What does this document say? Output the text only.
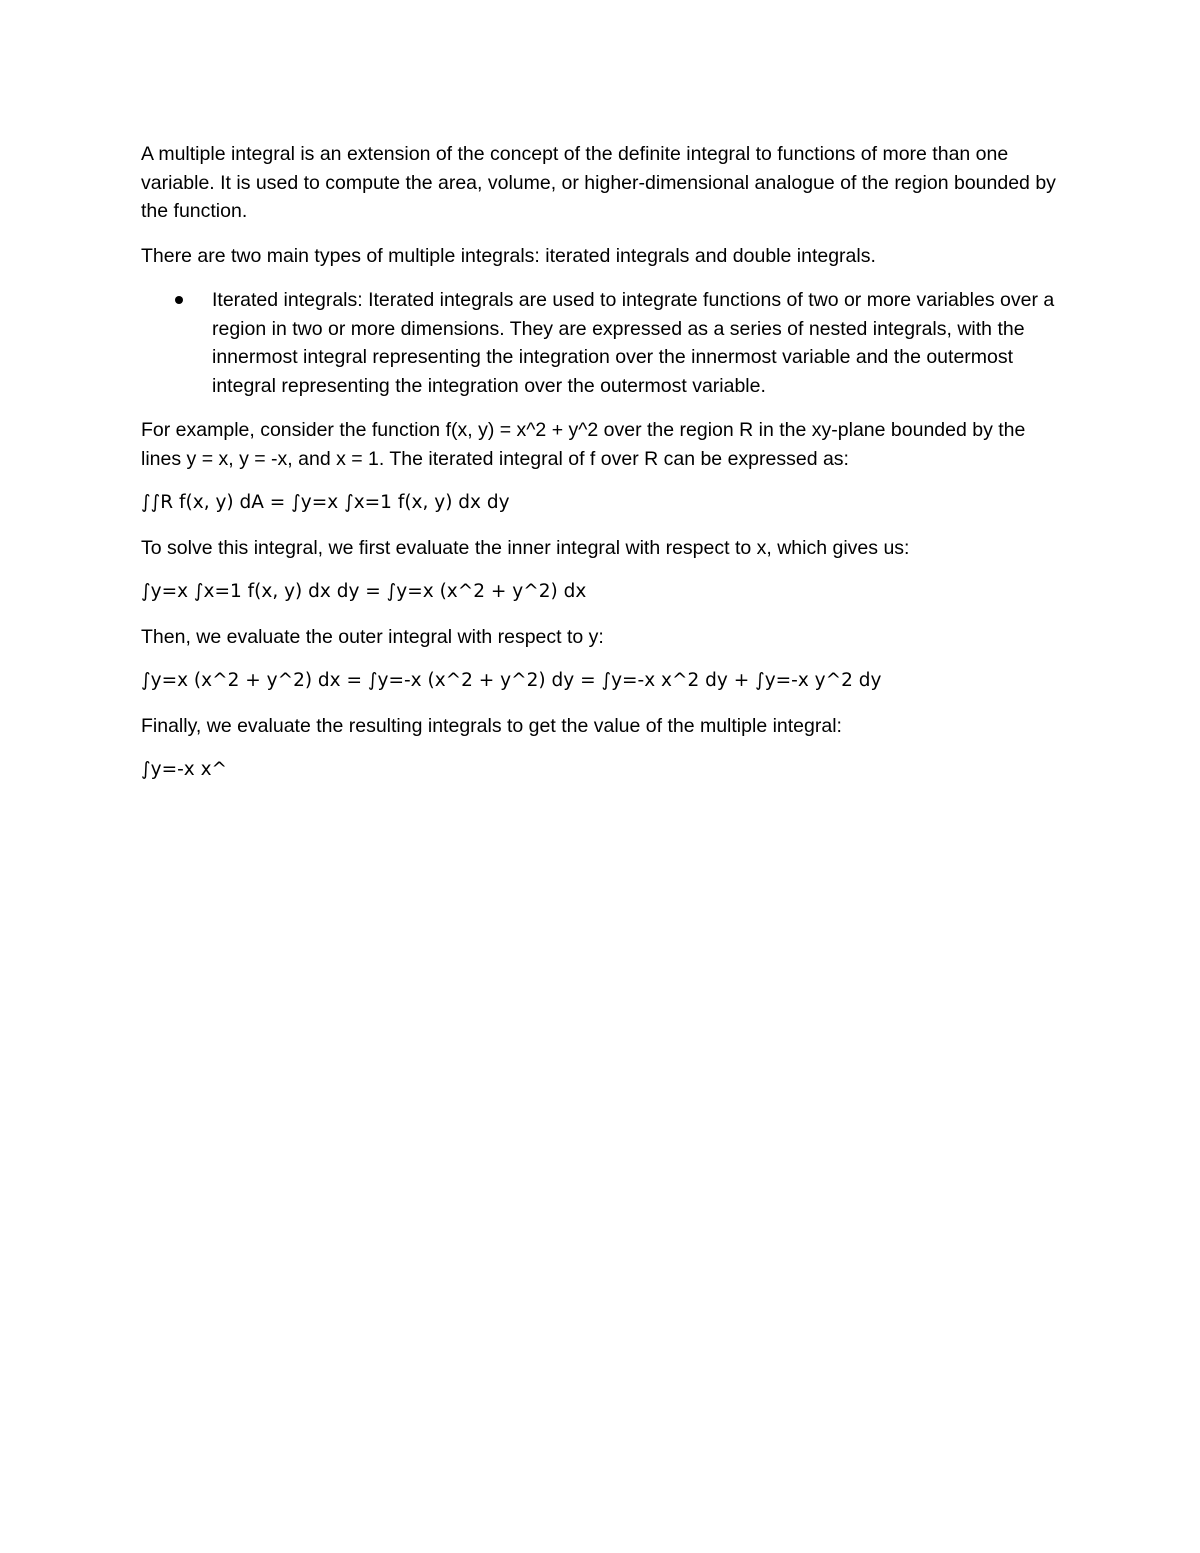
A multiple integral is an extension of the concept of the definite integral to functions of more than one variable. It is used to compute the area, volume, or higher-dimensional analogue of the region bounded by the function.

There are two main types of multiple integrals: iterated integrals and double integrals.

Iterated integrals: Iterated integrals are used to integrate functions of two or more variables over a region in two or more dimensions. They are expressed as a series of nested integrals, with the innermost integral representing the integration over the innermost variable and the outermost integral representing the integration over the outermost variable.

For example, consider the function f(x, y) = x^2 + y^2 over the region R in the xy-plane bounded by the lines y = x, y = -x, and x = 1. The iterated integral of f over R can be expressed as:

∫∫R f(x, y) dA = ∫y=x ∫x=1 f(x, y) dx dy

To solve this integral, we first evaluate the inner integral with respect to x, which gives us:

∫y=x ∫x=1 f(x, y) dx dy = ∫y=x (x^2 + y^2) dx

Then, we evaluate the outer integral with respect to y:

∫y=x (x^2 + y^2) dx = ∫y=-x (x^2 + y^2) dy = ∫y=-x x^2 dy + ∫y=-x y^2 dy

Finally, we evaluate the resulting integrals to get the value of the multiple integral:

∫y=-x x^
